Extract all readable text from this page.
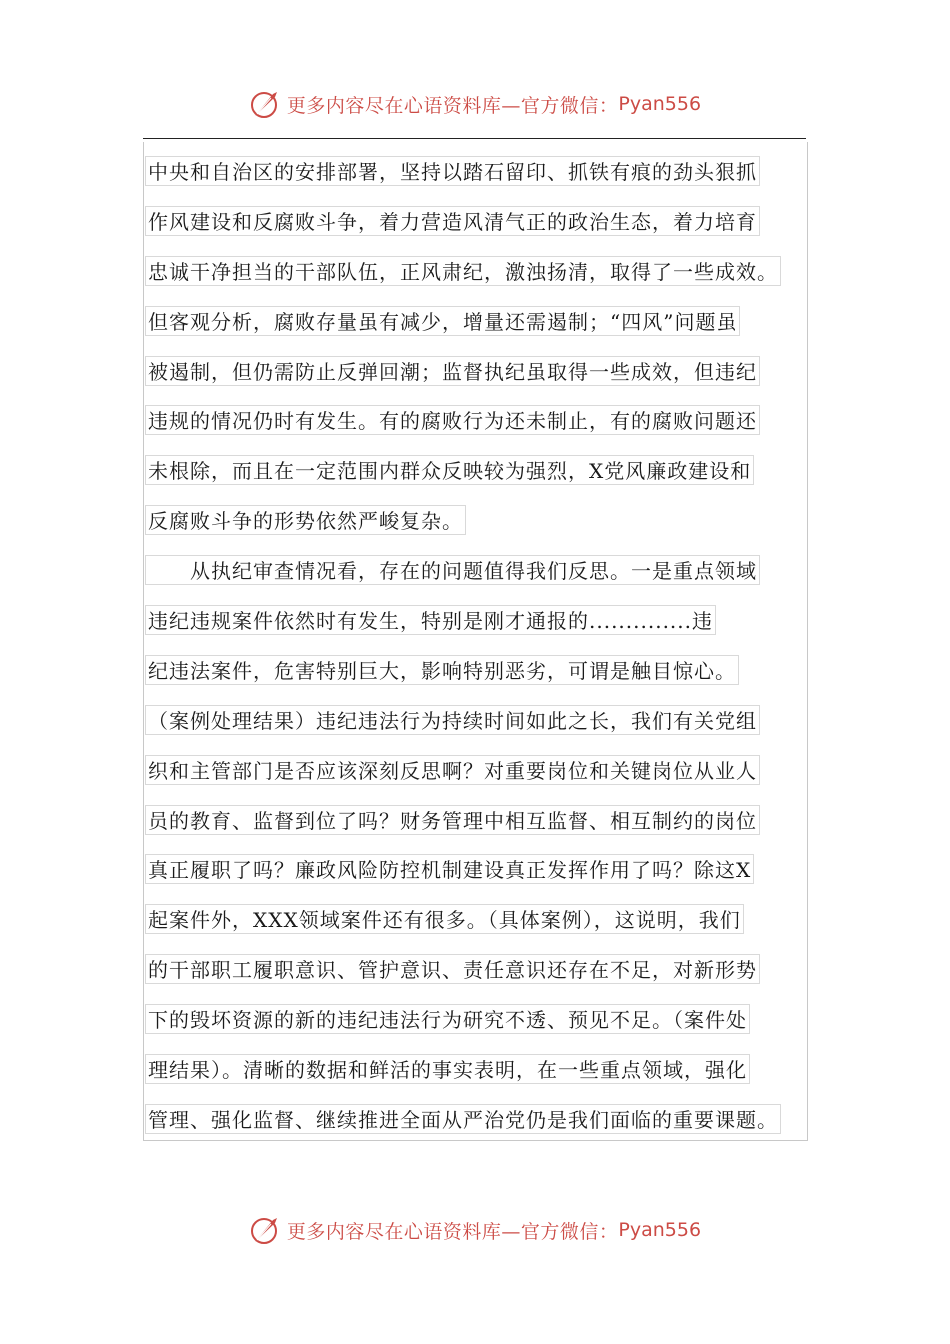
更多内容尽在心语资料库—官方微信： Pyan556
中央和自治区的安排部署，坚持以踏石留印、抓铁有痕的劲头狠抓
作风建设和反腐败斗争，着力营造风清气正的政治生态，着力培育
忠诚干净担当的干部队伍，正风肃纪，激浊扬清，取得了一些成效。
但客观分析，腐败存量虽有减少，增量还需遏制；“四风”问题虽
被遏制，但仍需防止反弹回潮；监督执纪虽取得一些成效，但违纪
违规的情况仍时有发生。有的腐败行为还未制止，有的腐败问题还
未根除，而且在一定范围内群众反映较为强烈，X党风廉政建设和
反腐败斗争的形势依然严峻复杂。
　　从执纪审查情况看，存在的问题值得我们反思。一是重点领域
违纪违规案件依然时有发生，特别是刚才通报的..............违
纪违法案件，危害特别巨大，影响特别恶劣，可谓是触目惊心。
（案例处理结果）违纪违法行为持续时间如此之长，我们有关党组
织和主管部门是否应该深刻反思啊？对重要岗位和关键岗位从业人
员的教育、监督到位了吗？财务管理中相互监督、相互制约的岗位
真正履职了吗？廉政风险防控机制建设真正发挥作用了吗？除这X
起案件外，XXX领域案件还有很多。（具体案例），这说明，我们
的干部职工履职意识、管护意识、责任意识还存在不足，对新形势
下的毁坏资源的新的违纪违法行为研究不透、预见不足。（案件处
理结果）。清晰的数据和鲜活的事实表明，在一些重点领域，强化
管理、强化监督、继续推进全面从严治党仍是我们面临的重要课题。
更多内容尽在心语资料库—官方微信： Pyan556
